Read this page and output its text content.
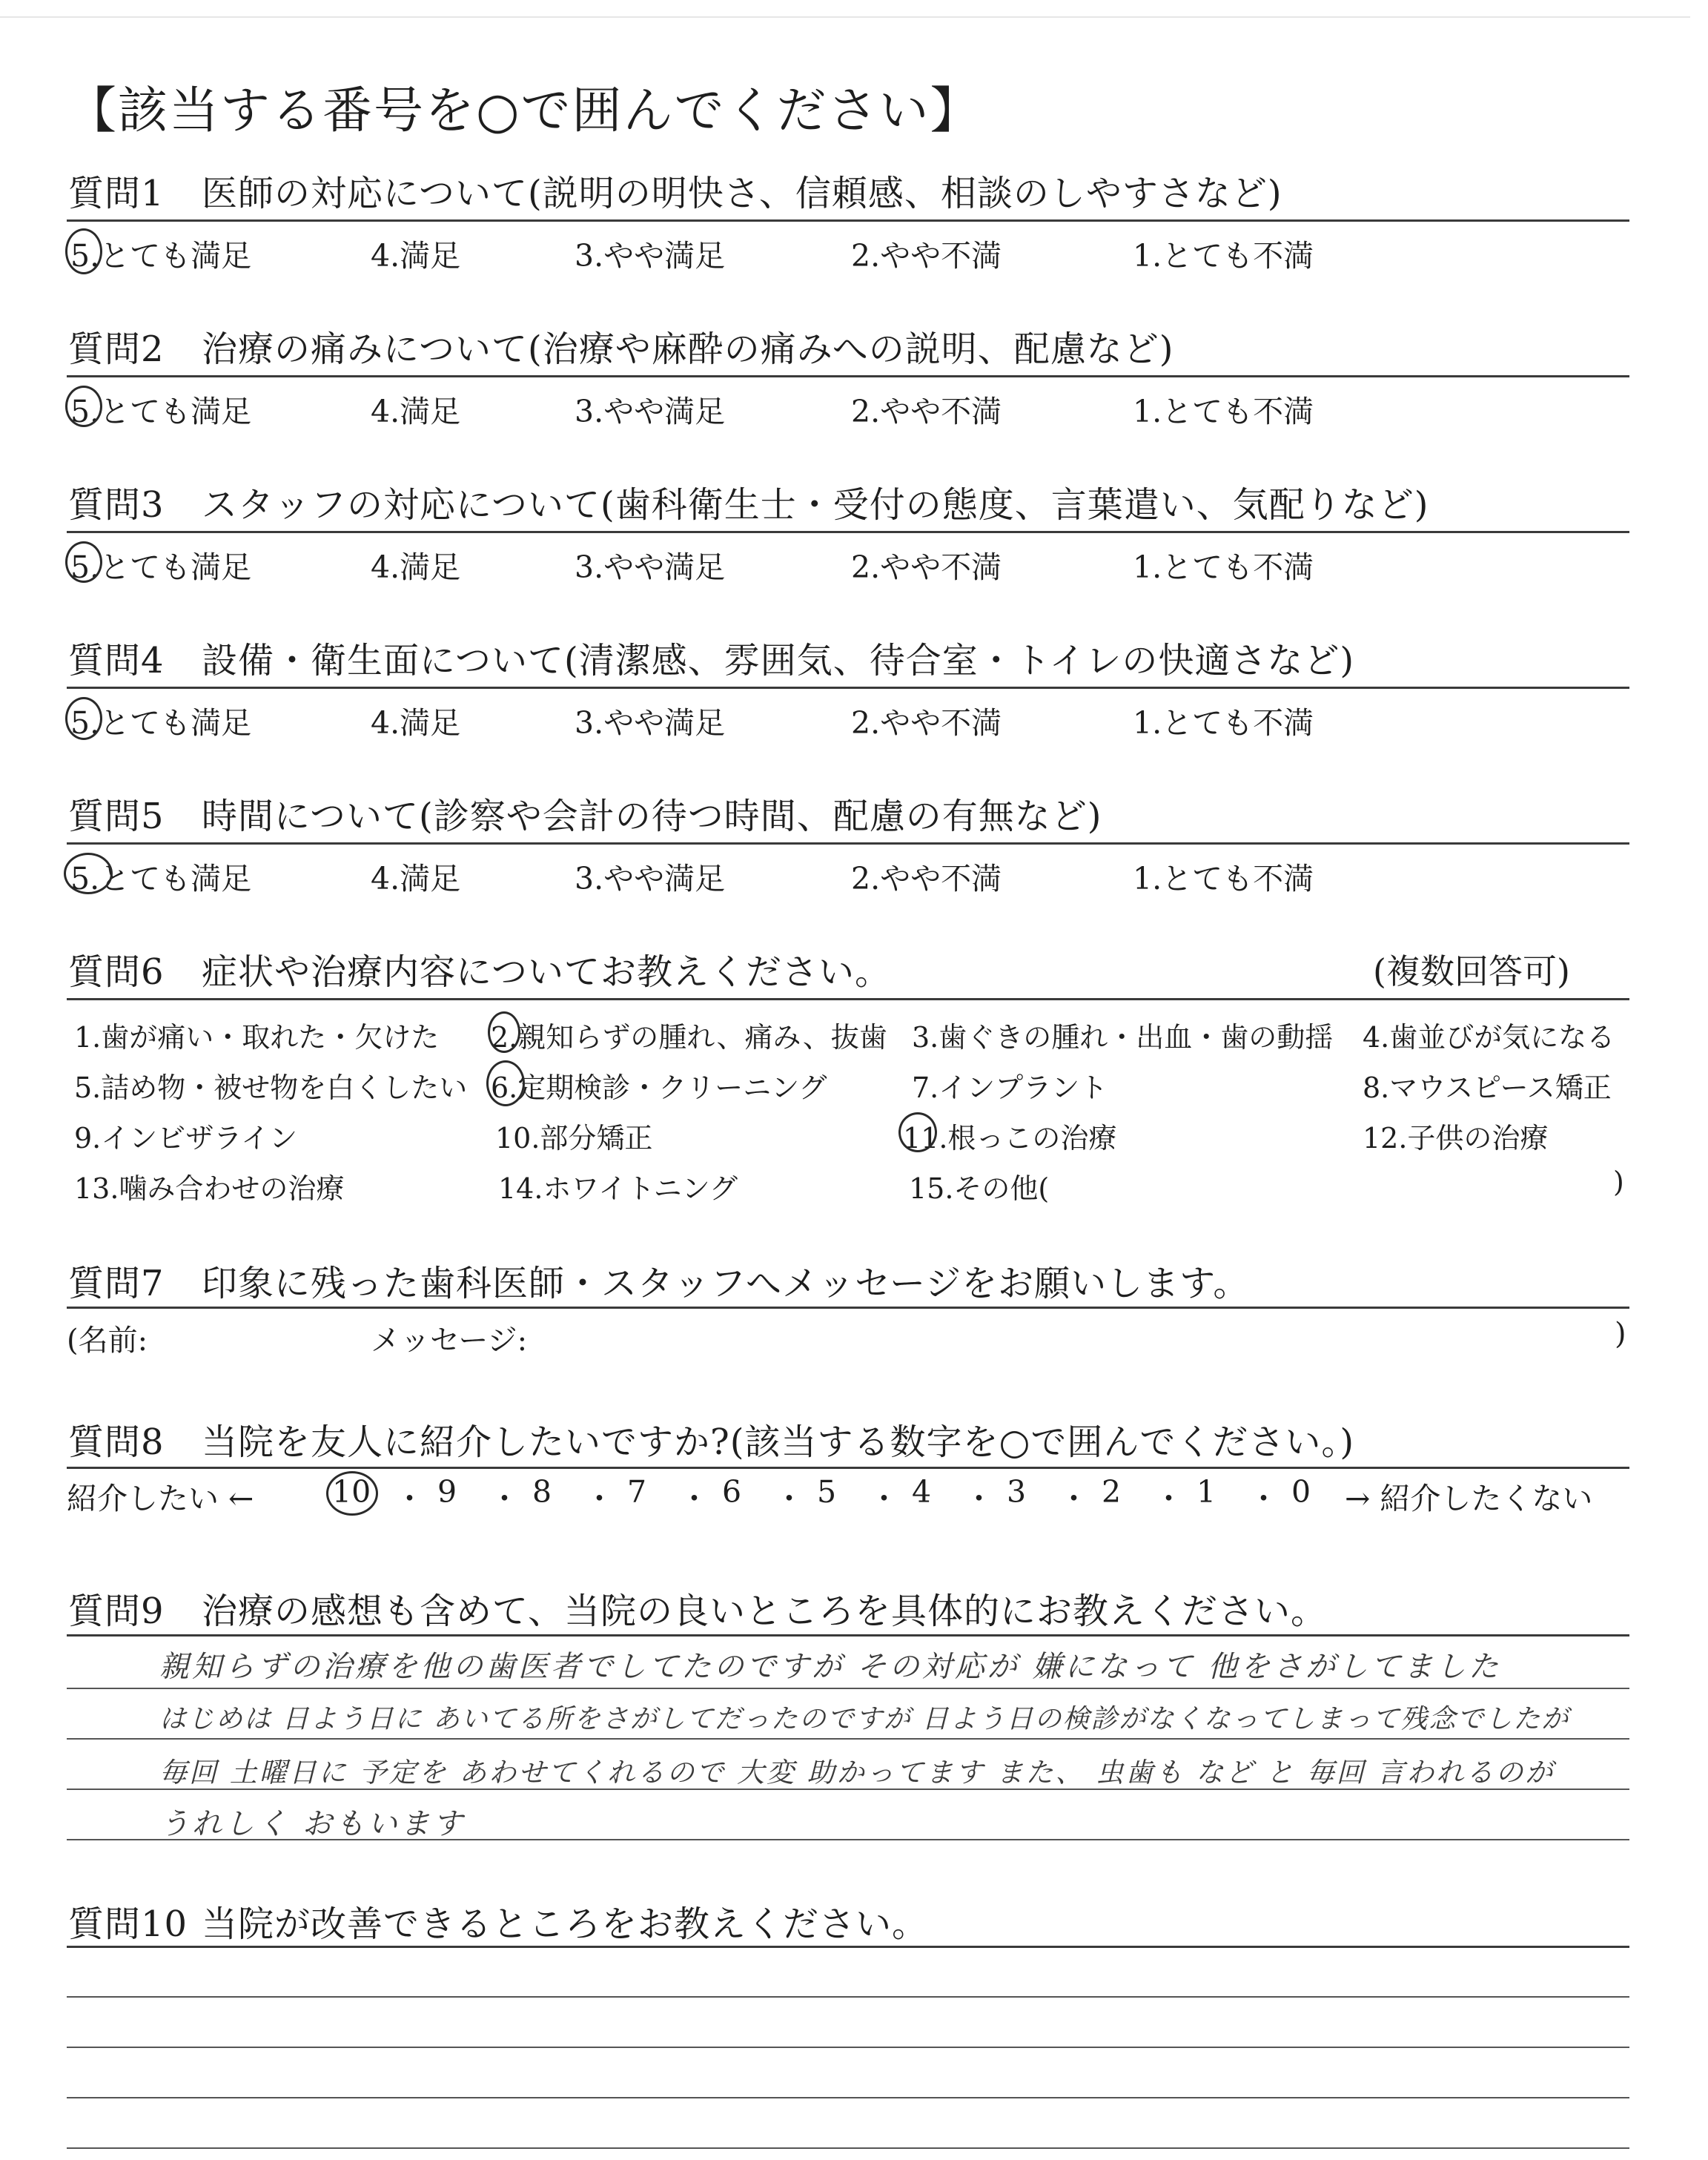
【該当する番号を○で囲んでください】
質問1 医師の対応について(説明の明快さ、信頼感、相談のしやすさなど)
5.とても満足	4.満足	3.やや満足	2.やや不満	1.とても不満
質問2 治療の痛みについて(治療や麻酔の痛みへの説明、配慮など)
5.とても満足	4.満足	3.やや満足	2.やや不満	1.とても不満
質問3 スタッフの対応について(歯科衛生士・受付の態度、言葉遣い、気配りなど)
5.とても満足	4.満足	3.やや満足	2.やや不満	1.とても不満
質問4 設備・衛生面について(清潔感、雰囲気、待合室・トイレの快適さなど)
5.とても満足	4.満足	3.やや満足	2.やや不満	1.とても不満
質問5 時間について(診察や会計の待つ時間、配慮の有無など)
5.とても満足	4.満足	3.やや満足	2.やや不満	1.とても不満
質問6 症状や治療内容についてお教えください。	(複数回答可)
1.歯が痛い・取れた・欠けた 2.親知らずの腫れ、痛み、抜歯 3.歯ぐきの腫れ・出血・歯の動揺 4.歯並びが気になる
5.詰め物・被せ物を白くしたい 6.定期検診・クリーニング	7.インプラント	8.マウスピース矯正
9.インビザライン	10.部分矯正	11.根っこの治療	12.子供の治療
13.噛み合わせの治療	14.ホワイトニング	15.その他(	)
質問7 印象に残った歯科医師・スタッフへメッセージをお願いします。
(名前:	メッセージ:	)
質問8 当院を友人に紹介したいですか?(該当する数字を○で囲んでください。)
紹介したい ←	10 ・ 9 ・ 8 ・ 7 ・ 6 ・ 5 ・ 4 ・ 3 ・ 2 ・ 1 ・ 0 → 紹介したくない
質問9 治療の感想も含めて、当院の良いところを具体的にお教えください。
親知らずの治療を他の歯医者でしてたのですが その対応が 嫌になって 他をさがしてました
はじめは 日よう日に あいてる所をさがしてだったのですが 日よう日の検診がなくなってしまって残念でしたが
毎回 土曜日に 予定を あわせてくれるので 大変 助かってます また、 虫歯も など と 毎回 言われるのが
うれしく おもいます
質問10 当院が改善できるところをお教えください。
